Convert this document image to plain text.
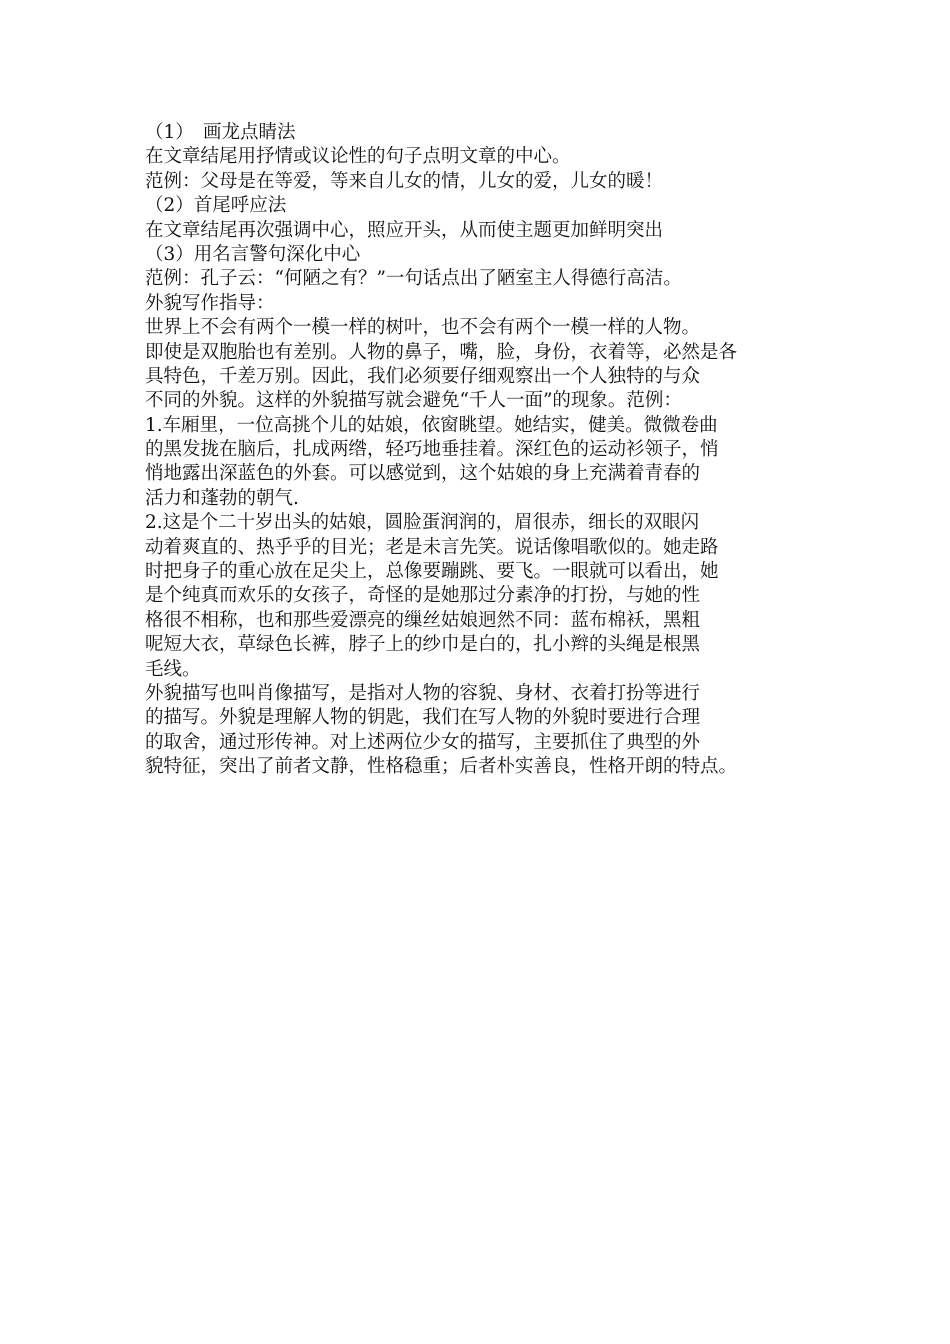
（1）　画龙点睛法
在文章结尾用抒情或议论性的句子点明文章的中心。
范例：父母是在等爱，等来自儿女的情，儿女的爱，儿女的暖！
（2）首尾呼应法
在文章结尾再次强调中心，照应开头，从而使主题更加鲜明突出
（3）用名言警句深化中心
范例：孔子云：“何陋之有？”一句话点出了陋室主人得德行高洁。
外貌写作指导：
世界上不会有两个一模一样的树叶，也不会有两个一模一样的人物。
即使是双胞胎也有差别。人物的鼻子，嘴，脸，身份，衣着等，必然是各
具特色，千差万别。因此，我们必须要仔细观察出一个人独特的与众
不同的外貌。这样的外貌描写就会避免“千人一面”的现象。范例：
1.车厢里，一位高挑个儿的姑娘，依窗眺望。她结实，健美。微微卷曲
的黑发拢在脑后，扎成两绺，轻巧地垂挂着。深红色的运动衫领子，悄
悄地露出深蓝色的外套。可以感觉到，这个姑娘的身上充满着青春的
活力和蓬勃的朝气.
2.这是个二十岁出头的姑娘，圆脸蛋润润的，眉很赤，细长的双眼闪
动着爽直的、热乎乎的目光；老是未言先笑。说话像唱歌似的。她走路
时把身子的重心放在足尖上，总像要蹦跳、要飞。一眼就可以看出，她
是个纯真而欢乐的女孩子，奇怪的是她那过分素净的打扮，与她的性
格很不相称，也和那些爱漂亮的缫丝姑娘迥然不同：蓝布棉袄，黑粗
呢短大衣，草绿色长裤，脖子上的纱巾是白的，扎小辫的头绳是根黑
毛线。
外貌描写也叫肖像描写，是指对人物的容貌、身材、衣着打扮等进行
的描写。外貌是理解人物的钥匙，我们在写人物的外貌时要进行合理
的取舍，通过形传神。对上述两位少女的描写，主要抓住了典型的外
貌特征，突出了前者文静，性格稳重；后者朴实善良，性格开朗的特点。
